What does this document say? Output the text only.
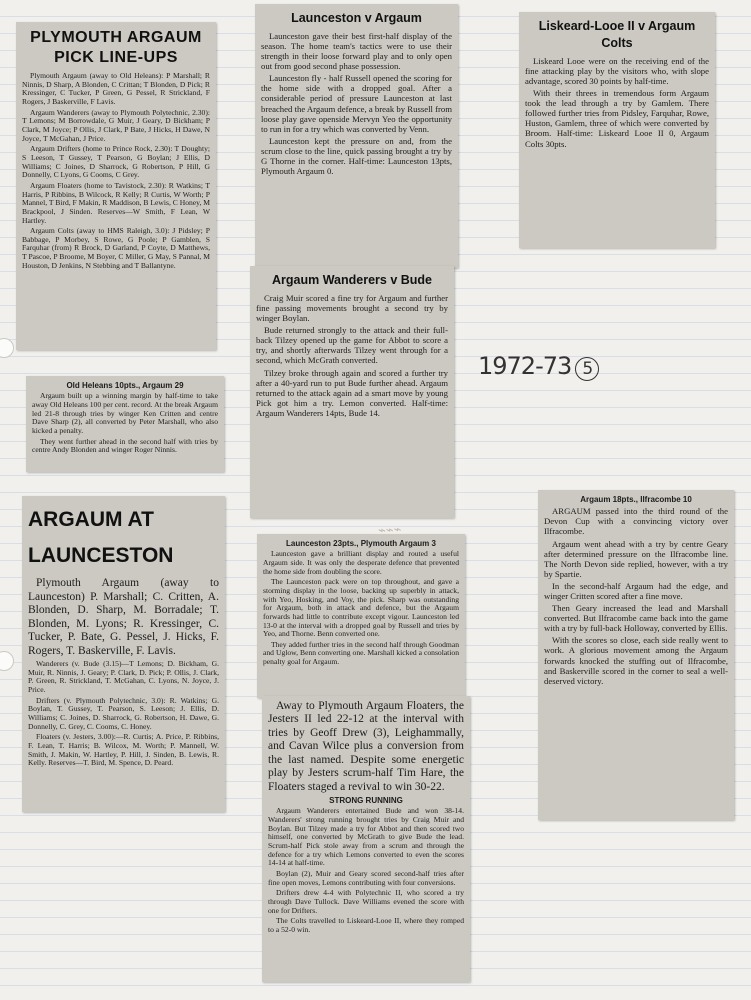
PLYMOUTH ARGAUM PICK LINE-UPS

Plymouth Argaum (away to Old Heleans): P Marshall; R Ninnis, D Sharp, A Blonden, C Crittan; T Blonden, D Pick; R Kressinger, C Tucker, P Green, G Pessel, R Strickland, F Rogers, J Baskerville, F Lavis.

Argaum Wanderers (away to Plymouth Polytechnic, 2.30): T Lemons; M Borrowdale, G Muir, J Geary, D Bickham; P Clark, M Joyce; P Ollis, J Clark, P Bate, J Hicks, H Dawe, N Joyce, T McGahan, J Price.

Argaum Drifters (home to Prince Rock, 2.30): T Doughty; S Leeson, T Gussey, T Pearson, G Boylan; J Ellis, D Williams; C Joines, D Sharrock, G Robertson, P Hill, G Donnelly, C Lyons, G Cooms, C Grey.

Argaum Floaters (home to Tavistock, 2.30): R Watkins; T Harris, P Ribbins, B Wilcock, R Kelly; R Curtis, W Worth; P Mannel, T Bird, F Makin, R Maddison, B Lewis, C Honey, M Brackpool, J Sinden. Reserves—W Smith, F Lean, W Hartley.

Argaum Colts (away to HMS Raleigh, 3.0): J Pidsley; P Babbage, P Morbey, S Rowe, G Poole; P Gamblen, S Farquhar (from) R Brock, D Garland, P Coyte, D Matthews, T Pascoe, P Broome, M Boyer, C Miller, G May, S Pannal, M Houston, D Jenkins, N Stebbing and T Ballantyne.

Old Heleans 10pts., Argaum 29

Argaum built up a winning margin by half-time to take away Old Heleans 100 per cent. record. At the break Argaum led 21-8 through tries by winger Ken Critten and centre Dave Sharp (2), all converted by Peter Marshall, who also kicked a penalty.

They went further ahead in the second half with tries by centre Andy Blonden and winger Roger Ninnis.

ARGAUM AT LAUNCESTON

Plymouth Argaum (away to Launceston) P. Marshall; C. Critten, A. Blonden, D. Sharp, M. Borradale; T. Blonden, M. Lyons; R. Kressinger, C. Tucker, P. Bate, G. Pessel, J. Hicks, F. Rogers, T. Baskerville, F. Lavis.

Wanderers (v. Bude (3.15)—T Lemons; D. Bickham, G. Muir, R. Ninnis, J. Geary; P. Clark, D. Pick; P. Ollis, J. Clark, P. Green, R. Strickland, T. McGahan, C. Lyons, N. Joyce, J. Price.

Drifters (v. Plymouth Polytechnic, 3.0): R. Watkins; G. Boylan, T. Gussey, T. Pearson, S. Leeson; J. Ellis, D. Williams; C. Joines, D. Sharrock, G. Robertson, H. Dawe, G. Donnelly, C. Grey, C. Cooms, C. Honey.

Floaters (v. Jesters, 3.00):—R. Curtis; A. Price, P. Ribbins, F. Lean, T. Harris; B. Wilcox, M. Worth; P. Mannell, W. Smith, J. Makin, W. Hartley, P. Hill, J. Sinden, B. Lewis, R. Kelly. Reserves—T. Bird, M. Spence, D. Peard.

Launceston v Argaum

Launceston gave their best first-half display of the season. The home team's tactics were to use their strength in their loose forward play and to only open out from good second phase possession.

Launceston fly - half Russell opened the scoring for the home side with a dropped goal. After a considerable period of pressure Launceston at last breached the Argaum defence, a break by Russell from loose play gave openside Mervyn Yeo the opportunity to run in for a try which was converted by Venn.

Launceston kept the pressure on and, from the scrum close to the line, quick passing brought a try by G Thorne in the corner. Half-time: Launceston 13pts, Plymouth Argaum 0.

Argaum Wanderers v Bude

Craig Muir scored a fine try for Argaum and further fine passing movements brought a second try by winger Boylan.

Bude returned strongly to the attack and their full-back Tilzey opened up the game for Abbot to score a try, and shortly afterwards Tilzey went through for a second, which McGrath converted.

Tilzey broke through again and scored a further try after a 40-yard run to put Bude further ahead. Argaum returned to the attack again ad a smart move by young Pick got him a try. Lemon converted. Half-time: Argaum Wanderers 14pts, Bude 14.

Launceston 23pts., Plymouth Argaum 3

Launceston gave a brilliant display and routed a useful Argaum side. It was only the desperate defence that prevented the home side from doubling the score.

The Launceston pack were on top throughout, and gave a storming display in the loose, backing up superbly in attack, with Yeo, Hosking, and Voy, the pick. Sharp was outstanding for Argaum, both in attack and defence, but the Argaum forwards had little to contribute except vigour. Launceston led 13-0 at the interval with a dropped goal by Russell and tries by Yeo, and Thorne. Benn converted one.

They added further tries in the second half through Goodman and Uglow, Benn converting one. Marshall kicked a consolation penalty goal for Argaum.

Away to Plymouth Argaum Floaters, the Jesters II led 22-12 at the interval with tries by Geoff Drew (3), Leighammally, and Cavan Wilce plus a conversion from the last named. Despite some energetic play by Jesters scrum-half Tim Hare, the Floaters staged a revival to win 30-22.

STRONG RUNNING

Argaum Wanderers entertained Bude and won 38-14. Wanderers' strong running brought tries by Craig Muir and Boylan. But Tilzey made a try for Abbot and then scored two himself, one converted by McGrath to give Bude the lead. Scrum-half Pick stole away from a scrum and through the defence for a try which Lemons converted to even the scores 14-14 at half-time.

Boylan (2), Muir and Geary scored second-half tries after fine open moves, Lemons contributing with four conversions.

Drifters drew 4-4 with Polytechnic II, who scored a try through Dave Tullock. Dave Williams evened the score with one for Drifters.

The Colts travelled to Liskeard-Looe II, where they romped to a 52-0 win.

Liskeard-Looe II v Argaum Colts

Liskeard Looe were on the receiving end of the fine attacking play by the visitors who, with slope advantage, scored 30 points by half-time.

With their threes in tremendous form Argaum took the lead through a try by Gamlem. There followed further tries from Pidsley, Farquhar, Rowe, Huston, Gamlem, three of which were converted by Broom. Half-time: Liskeard Looe II 0, Argaum Colts 30pts.

1972-73 5
⌁⌁⌁
Argaum 18pts., Ilfracombe 10

ARGAUM passed into the third round of the Devon Cup with a convincing victory over Ilfracombe.

Argaum went ahead with a try by centre Geary after determined pressure on the Ilfracombe line. The North Devon side replied, however, with a try by Spartie.

In the second-half Argaum had the edge, and winger Critten scored after a fine move.

Then Geary increased the lead and Marshall converted. But Ilfracombe came back into the game with a try by full-back Holloway, converted by Ellis.

With the scores so close, each side really went to work. A glorious movement among the Argaum forwards knocked the stuffing out of Ilfracombe, and Baskerville scored in the corner to seal a well-deserved victory.
